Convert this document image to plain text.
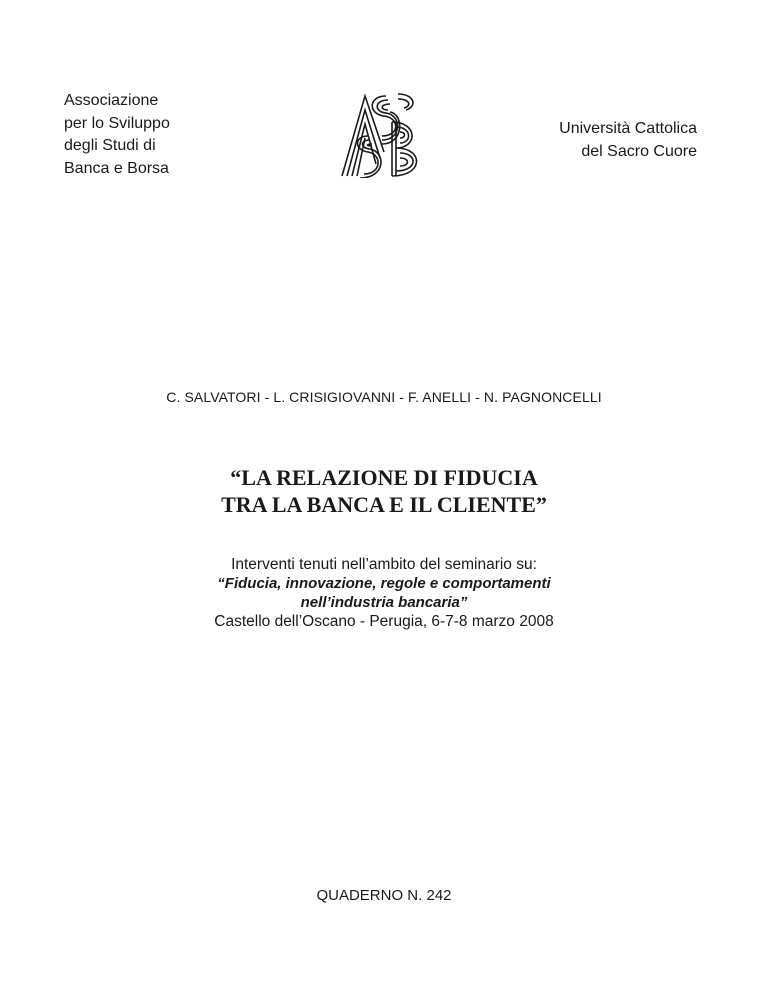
Associazione
per lo Sviluppo
degli Studi di
Banca e Borsa
Università Cattolica
del Sacro Cuore

C. SALVATORI - L. CRISIGIOVANNI - F. ANELLI - N. PAGNONCELLI

“LA RELAZIONE DI FIDUCIA
TRA LA BANCA E IL CLIENTE”
Interventi tenuti nell’ambito del seminario su:
“Fiducia, innovazione, regole e comportamenti
nell’industria bancaria”
Castello dell’Oscano - Perugia, 6-7-8 marzo 2008

QUADERNO N. 242
